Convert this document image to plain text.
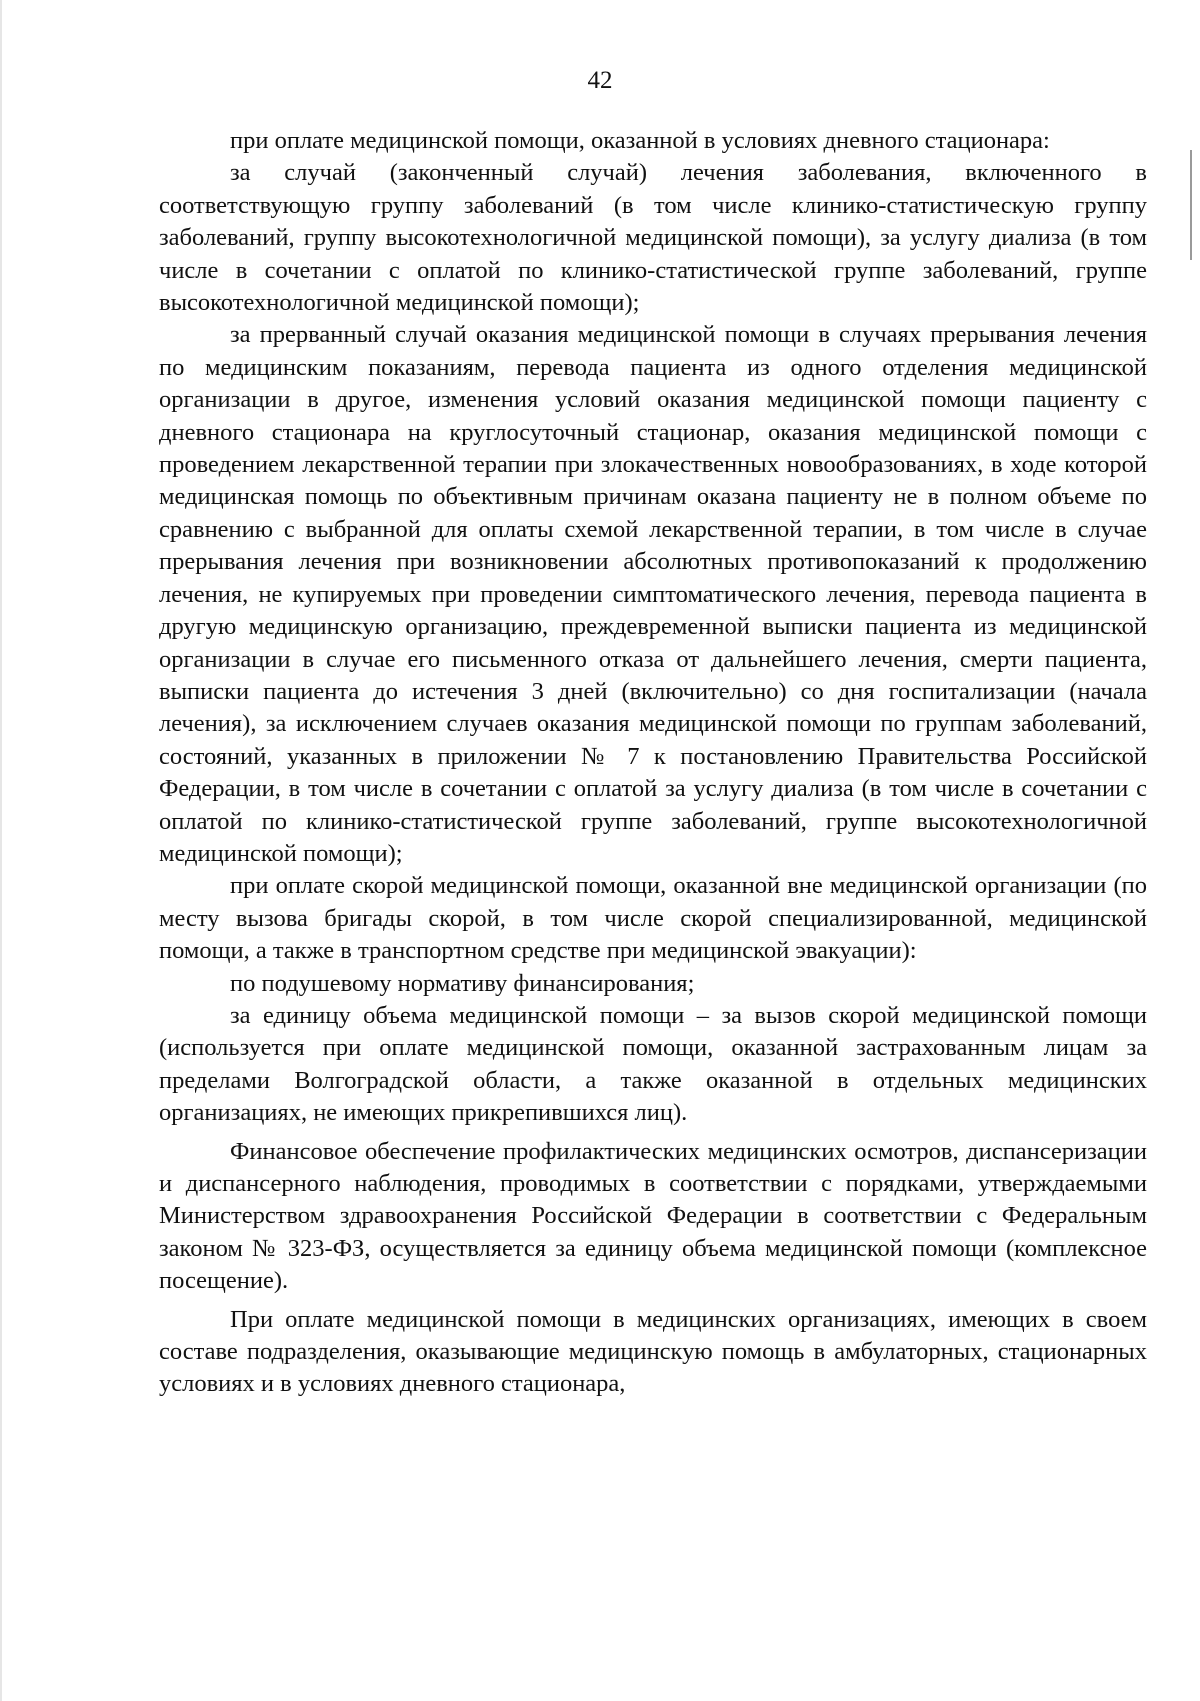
42

при оплате медицинской помощи, оказанной в условиях дневного стационара:

за случай (законченный случай) лечения заболевания, включенного в соответствующую группу заболеваний (в том числе клинико-статистическую группу заболеваний, группу высокотехнологичной медицинской помощи), за услугу диализа (в том числе в сочетании с оплатой по клинико-статистической группе заболеваний, группе высокотехнологичной медицинской помощи);

за прерванный случай оказания медицинской помощи в случаях прерывания лечения по медицинским показаниям, перевода пациента из одного отделения медицинской организации в другое, изменения условий оказания медицинской помощи пациенту с дневного стационара на круглосуточный стационар, оказания медицинской помощи с проведением лекарственной терапии при злокачественных новообразованиях, в ходе которой медицинская помощь по объективным причинам оказана пациенту не в полном объеме по сравнению с выбранной для оплаты схемой лекарственной терапии, в том числе в случае прерывания лечения при возникновении абсолютных противопоказаний к продолжению лечения, не купируемых при проведении симптоматического лечения, перевода пациента в другую медицинскую организацию, преждевременной выписки пациента из медицинской организации в случае его письменного отказа от дальнейшего лечения, смерти пациента, выписки пациента до истечения 3 дней (включительно) со дня госпитализации (начала лечения), за исключением случаев оказания медицинской помощи по группам заболеваний, состояний, указанных в приложении № 7 к постановлению Правительства Российской Федерации, в том числе в сочетании с оплатой за услугу диализа (в том числе в сочетании с оплатой по клинико-статистической группе заболеваний, группе высокотехнологичной медицинской помощи);

при оплате скорой медицинской помощи, оказанной вне медицинской организации (по месту вызова бригады скорой, в том числе скорой специализированной, медицинской помощи, а также в транспортном средстве при медицинской эвакуации):

по подушевому нормативу финансирования;

за единицу объема медицинской помощи – за вызов скорой медицинской помощи (используется при оплате медицинской помощи, оказанной застрахованным лицам за пределами Волгоградской области, а также оказанной в отдельных медицинских организациях, не имеющих прикрепившихся лиц).

Финансовое обеспечение профилактических медицинских осмотров, диспансеризации и диспансерного наблюдения, проводимых в соответствии с порядками, утверждаемыми Министерством здравоохранения Российской Федерации в соответствии с Федеральным законом № 323-ФЗ, осуществляется за единицу объема медицинской помощи (комплексное посещение).

При оплате медицинской помощи в медицинских организациях, имеющих в своем составе подразделения, оказывающие медицинскую помощь в амбулаторных, стационарных условиях и в условиях дневного стационара,
